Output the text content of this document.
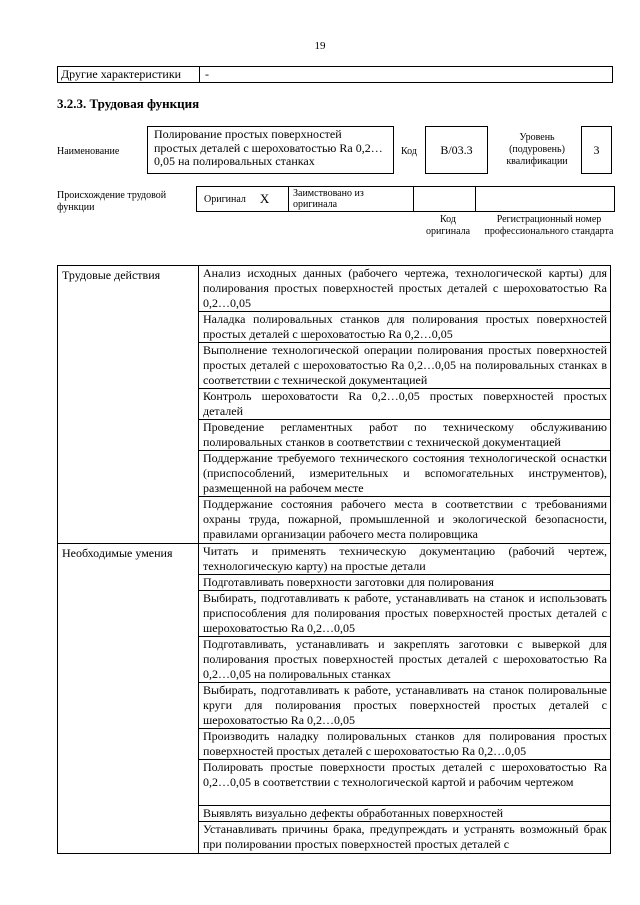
19
Другие характеристики	-
3.2.3. Трудовая функция
Наименование
Полирование простых поверхностей простых деталей с шероховатостью Ra 0,2…0,05 на полировальных станках
Код	B/03.3
Уровень (подуровень) квалификации
3
Происхождение трудовой функции
Оригинал X	Заимствовано из оригинала
Код оригинала
Регистрационный номер профессионального стандарта
Трудовые действия	Анализ исходных данных (рабочего чертежа, технологической карты) для полирования простых поверхностей простых деталей с шероховатостью Ra 0,2…0,05
Наладка полировальных станков для полирования простых поверхностей простых деталей с шероховатостью Ra 0,2…0,05
Выполнение технологической операции полирования простых поверхностей простых деталей с шероховатостью Ra 0,2…0,05 на полировальных станках в соответствии с технической документацией
Контроль шероховатости Ra 0,2…0,05 простых поверхностей простых деталей
Проведение регламентных работ по техническому обслуживанию полировальных станков в соответствии с технической документацией
Поддержание требуемого технического состояния технологической оснастки (приспособлений, измерительных и вспомогательных инструментов), размещенной на рабочем месте
Поддержание состояния рабочего места в соответствии с требованиями охраны труда, пожарной, промышленной и экологической безопасности, правилами организации рабочего места полировщика
Необходимые умения	Читать и применять техническую документацию (рабочий чертеж, технологическую карту) на простые детали
Подготавливать поверхности заготовки для полирования
Выбирать, подготавливать к работе, устанавливать на станок и использовать приспособления для полирования простых поверхностей простых деталей с шероховатостью Ra 0,2…0,05
Подготавливать, устанавливать и закреплять заготовки с выверкой для полирования простых поверхностей простых деталей с шероховатостью Ra 0,2…0,05 на полировальных станках
Выбирать, подготавливать к работе, устанавливать на станок полировальные круги для полирования простых поверхностей простых деталей с шероховатостью Ra 0,2…0,05
Производить наладку полировальных станков для полирования простых поверхностей простых деталей с шероховатостью Ra 0,2…0,05
Полировать простые поверхности простых деталей с шероховатостью Ra 0,2…0,05 в соответствии с технологической картой и рабочим чертежом
Выявлять визуально дефекты обработанных поверхностей
Устанавливать причины брака, предупреждать и устранять возможный брак при полировании простых поверхностей простых деталей с
